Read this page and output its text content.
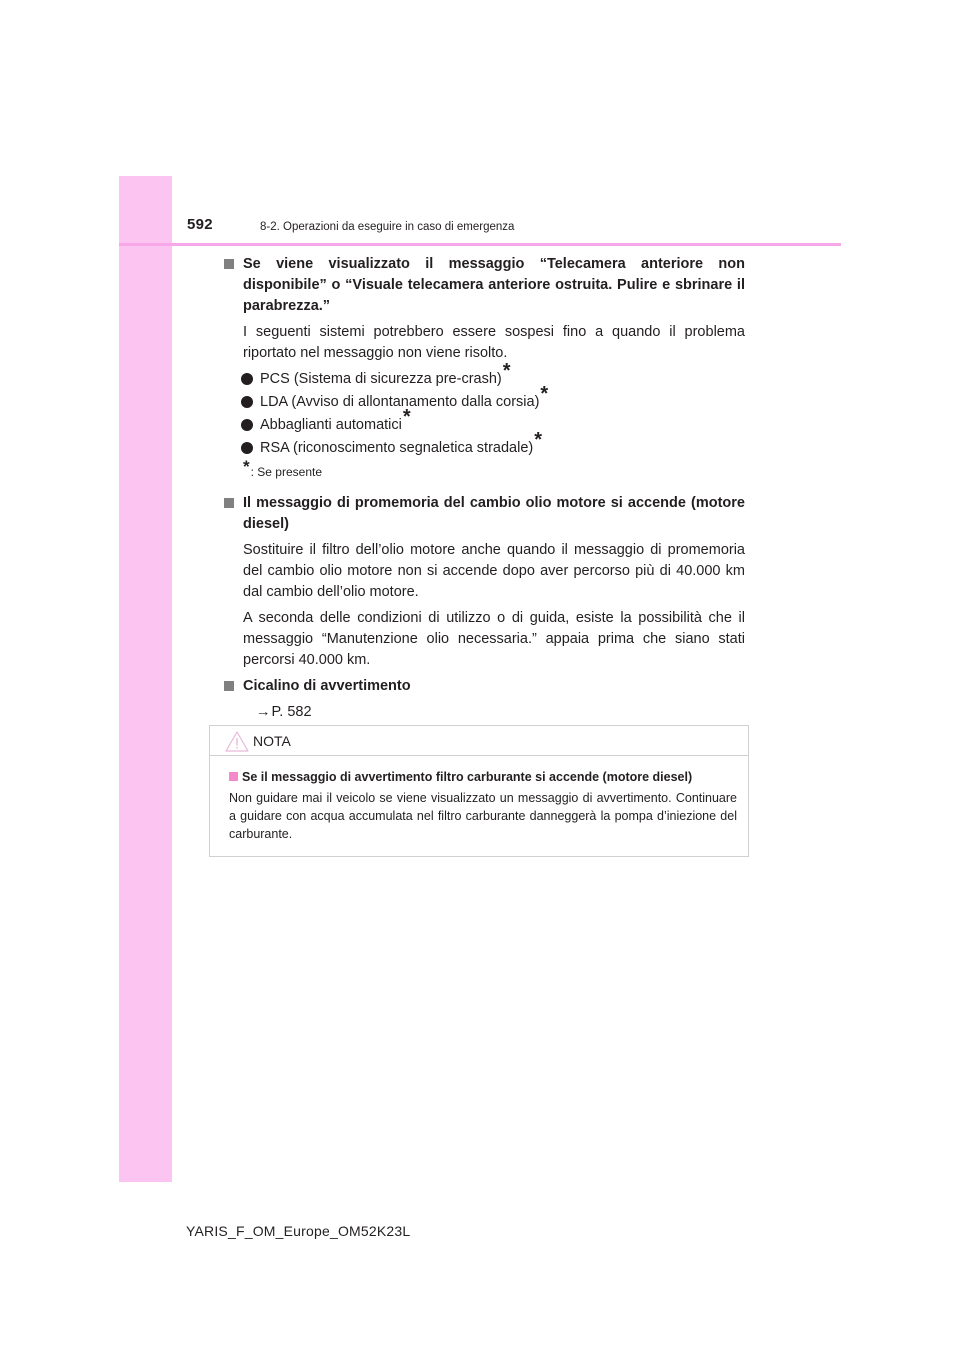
592	8-2. Operazioni da eseguire in caso di emergenza
Se viene visualizzato il messaggio “Telecamera anteriore non disponibile” o “Visuale telecamera anteriore ostruita. Pulire e sbrinare il parabrezza.”
I seguenti sistemi potrebbero essere sospesi fino a quando il problema riportato nel messaggio non viene risolto.
PCS (Sistema di sicurezza pre-crash)*
LDA (Avviso di allontanamento dalla corsia)*
Abbaglianti automatici*
RSA (riconoscimento segnaletica stradale)*
*: Se presente
Il messaggio di promemoria del cambio olio motore si accende (motore diesel)
Sostituire il filtro dell’olio motore anche quando il messaggio di promemoria del cambio olio motore non si accende dopo aver percorso più di 40.000 km dal cambio dell’olio motore.
A seconda delle condizioni di utilizzo o di guida, esiste la possibilità che il messaggio “Manutenzione olio necessaria.” appaia prima che siano stati percorsi 40.000 km.
Cicalino di avvertimento
→P. 582
NOTA
Se il messaggio di avvertimento filtro carburante si accende (motore diesel)
Non guidare mai il veicolo se viene visualizzato un messaggio di avvertimento. Continuare a guidare con acqua accumulata nel filtro carburante danneggerà la pompa d’iniezione del carburante.
YARIS_F_OM_Europe_OM52K23L
